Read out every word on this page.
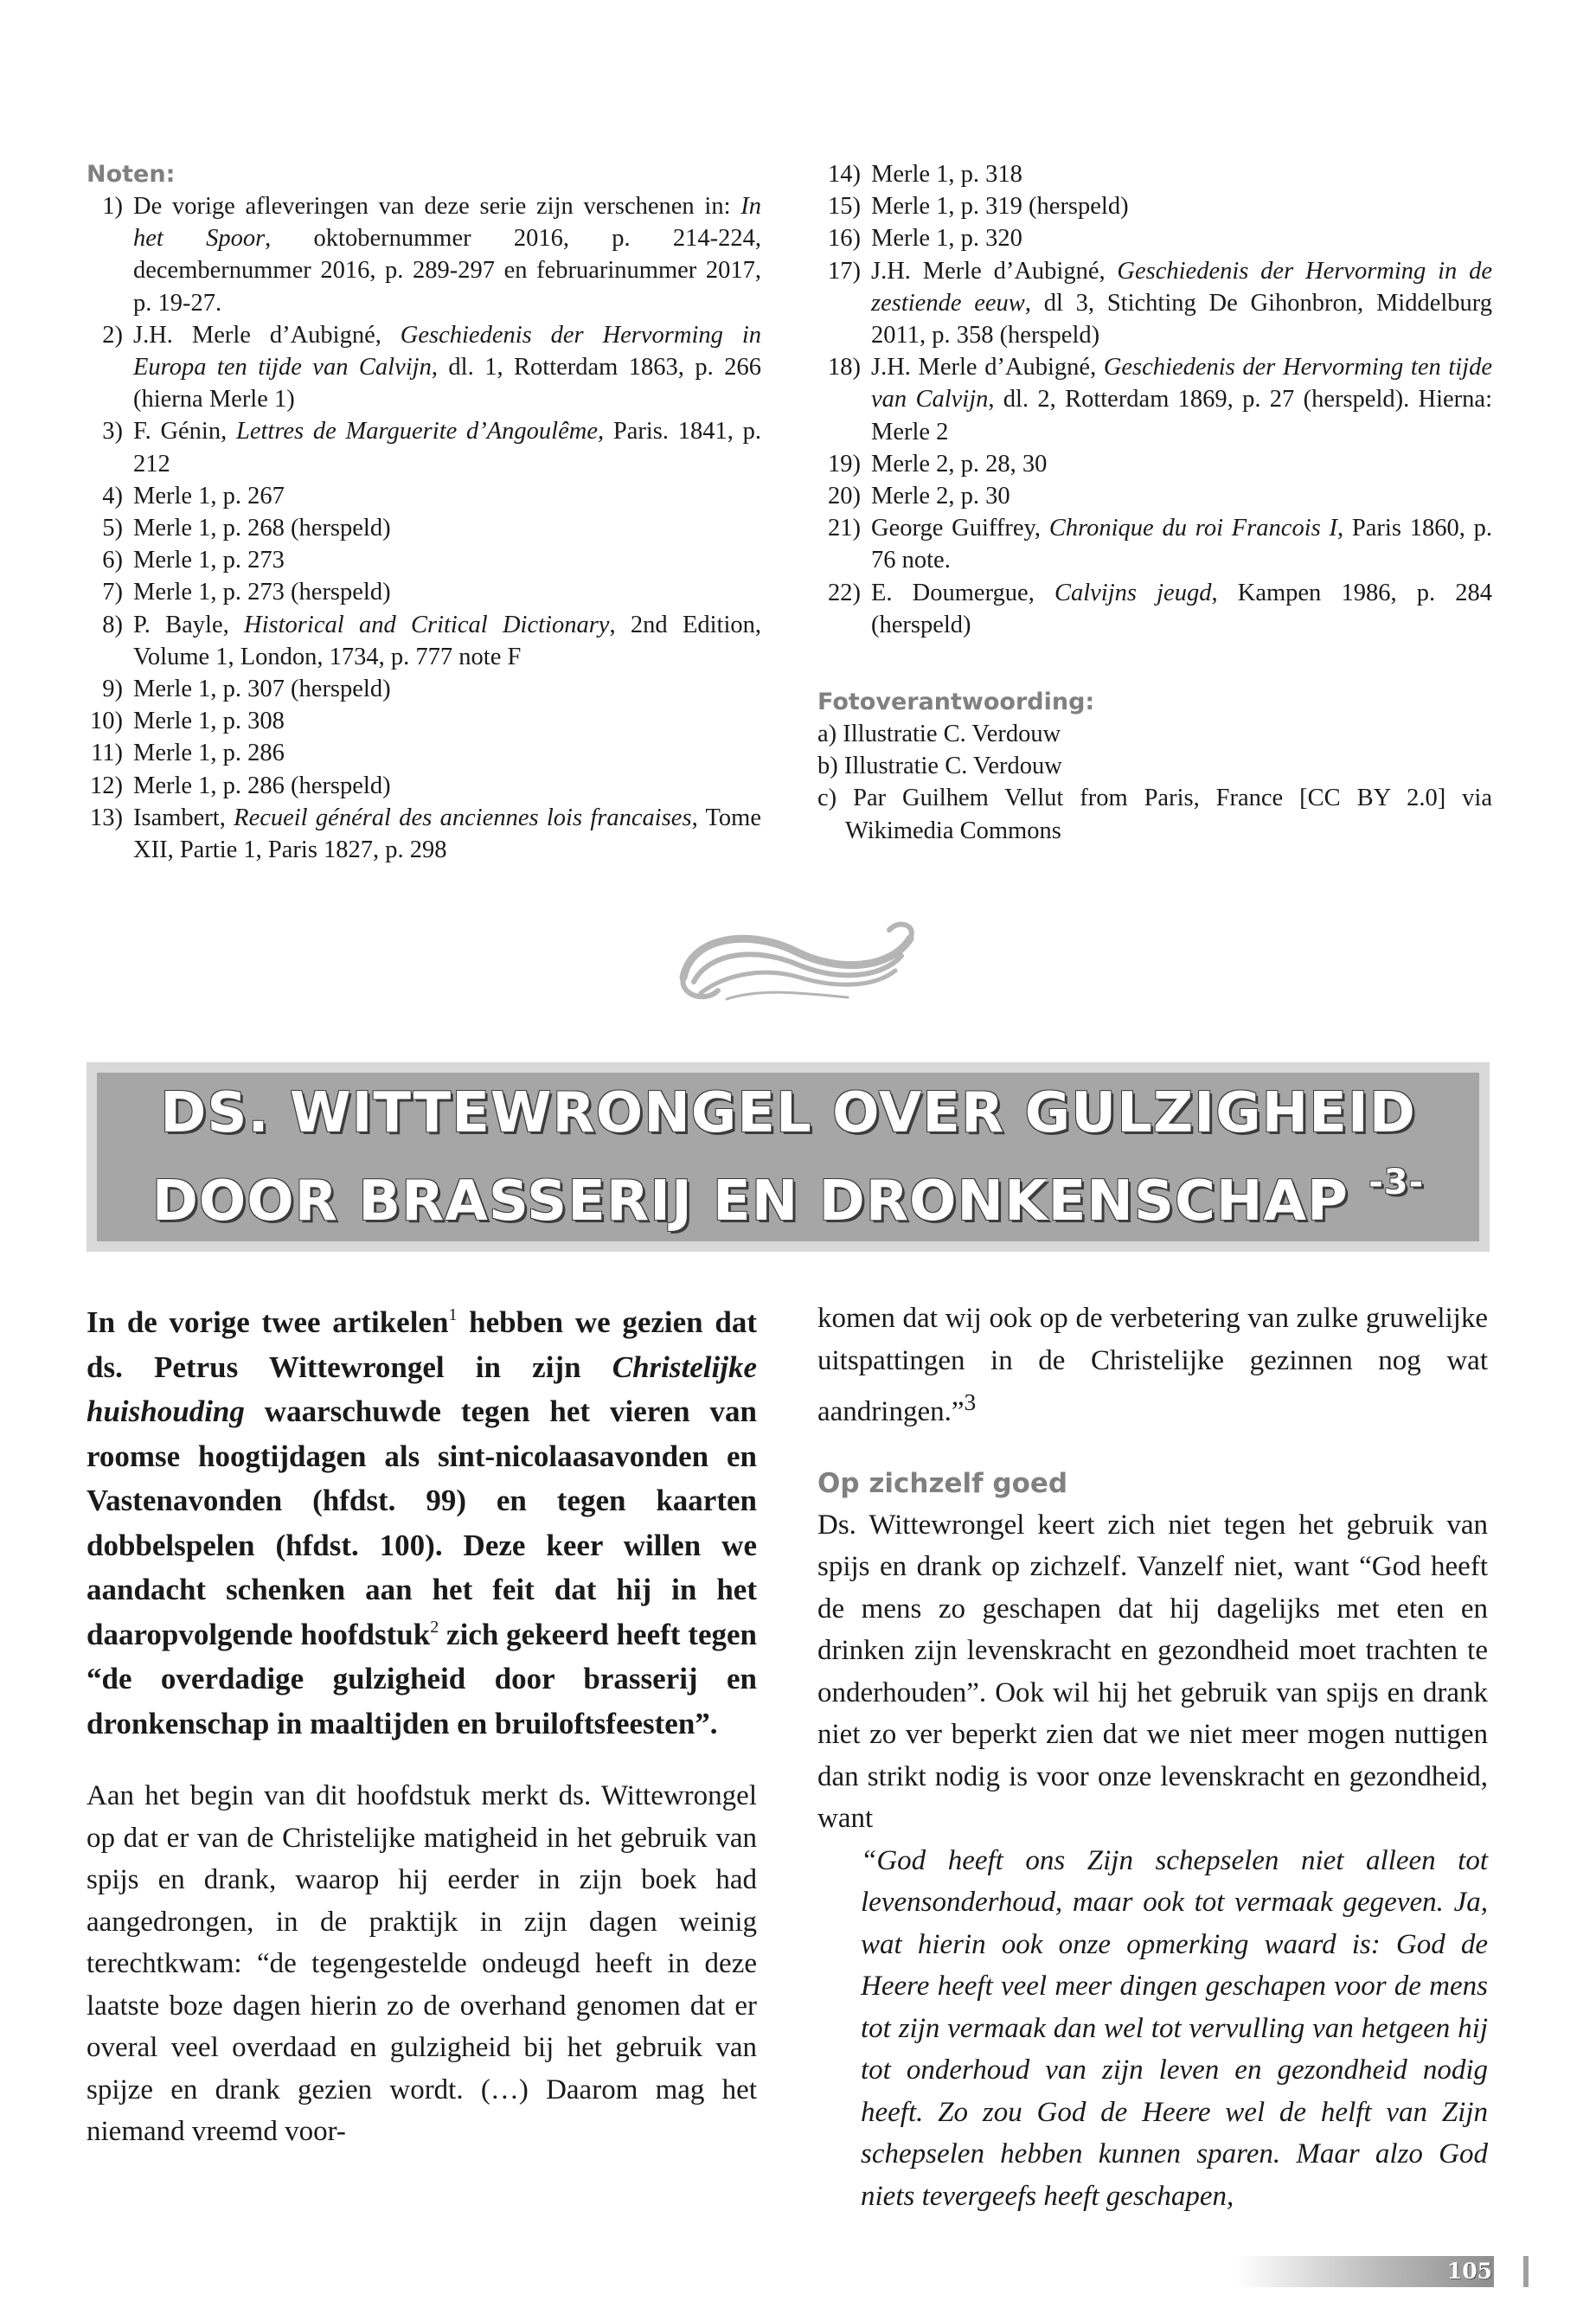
Noten:
1) De vorige afleveringen van deze serie zijn verschenen in: In het Spoor, oktobernummer 2016, p. 214-224, decembernummer 2016, p. 289-297 en februarinummer 2017, p. 19-27.
2) J.H. Merle d’Aubigné, Geschiedenis der Hervorming in Europa ten tijde van Calvijn, dl. 1, Rotterdam 1863, p. 266 (hierna Merle 1)
3) F. Génin, Lettres de Marguerite d’Angoulême, Paris. 1841, p. 212
4) Merle 1, p. 267
5) Merle 1, p. 268 (herspeld)
6) Merle 1, p. 273
7) Merle 1, p. 273 (herspeld)
8) P. Bayle, Historical and Critical Dictionary, 2nd Edition, Volume 1, London, 1734, p. 777 note F
9) Merle 1, p. 307 (herspeld)
10) Merle 1, p. 308
11) Merle 1, p. 286
12) Merle 1, p. 286 (herspeld)
13) Isambert, Recueil général des anciennes lois francaises, Tome XII, Partie 1, Paris 1827, p. 298
14) Merle 1, p. 318
15) Merle 1, p. 319 (herspeld)
16) Merle 1, p. 320
17) J.H. Merle d’Aubigné, Geschiedenis der Hervorming in de zestiende eeuw, dl 3, Stichting De Gihonbron, Middelburg 2011, p. 358 (herspeld)
18) J.H. Merle d’Aubigné, Geschiedenis der Hervorming ten tijde van Calvijn, dl. 2, Rotterdam 1869, p. 27 (herspeld). Hierna: Merle 2
19) Merle 2, p. 28, 30
20) Merle 2, p. 30
21) George Guiffrey, Chronique du roi Francois I, Paris 1860, p. 76 note.
22) E. Doumergue, Calvijns jeugd, Kampen 1986, p. 284 (herspeld)
Fotoverantwoording:
a) Illustratie C. Verdouw
b) Illustratie C. Verdouw
c) Par Guilhem Vellut from Paris, France [CC BY 2.0] via Wikimedia Commons
DS. WITTEWRONGEL OVER GULZIGHEID
DOOR BRASSERIJ EN DRONKENSCHAP $^{-3-}$
In de vorige twee artikelen$^1$ hebben we gezien dat ds. Petrus Wittewrongel in zijn Christelijke huishouding waarschuwde tegen het vieren van roomse hoogtijdagen als sint-nicolaasavonden en Vastenavonden (hfdst. 99) en tegen kaarten dobbelspelen (hfdst. 100). Deze keer willen we aandacht schenken aan het feit dat hij in het daaropvolgende hoofdstuk$^2$ zich gekeerd heeft tegen “de overdadige gulzigheid door brasserij en dronkenschap in maaltijden en bruiloftsfeesten”.
Aan het begin van dit hoofdstuk merkt ds. Wittewrongel op dat er van de Christelijke matigheid in het gebruik van spijs en drank, waarop hij eerder in zijn boek had aangedrongen, in de praktijk in zijn dagen weinig terechtkwam: “de tegengestelde ondeugd heeft in deze laatste boze dagen hierin zo de overhand genomen dat er overal veel overdaad en gulzigheid bij het gebruik van spijze en drank gezien wordt. (…) Daarom mag het niemand vreemd voor-
komen dat wij ook op de verbetering van zulke gruwelijke uitspattingen in de Christelijke gezinnen nog wat aandringen.”$^3$
Op zichzelf goed
Ds. Wittewrongel keert zich niet tegen het gebruik van spijs en drank op zichzelf. Vanzelf niet, want “God heeft de mens zo geschapen dat hij dagelijks met eten en drinken zijn levenskracht en gezondheid moet trachten te onderhouden”. Ook wil hij het gebruik van spijs en drank niet zo ver beperkt zien dat we niet meer mogen nuttigen dan strikt nodig is voor onze levenskracht en gezondheid, want
“God heeft ons Zijn schepselen niet alleen tot levensonderhoud, maar ook tot vermaak gegeven. Ja, wat hierin ook onze opmerking waard is: God de Heere heeft veel meer dingen geschapen voor de mens tot zijn vermaak dan wel tot vervulling van hetgeen hij tot onderhoud van zijn leven en gezondheid nodig heeft. Zo zou God de Heere wel de helft van Zijn schepselen hebben kunnen sparen. Maar alzo God niets tevergeefs heeft geschapen,
105
